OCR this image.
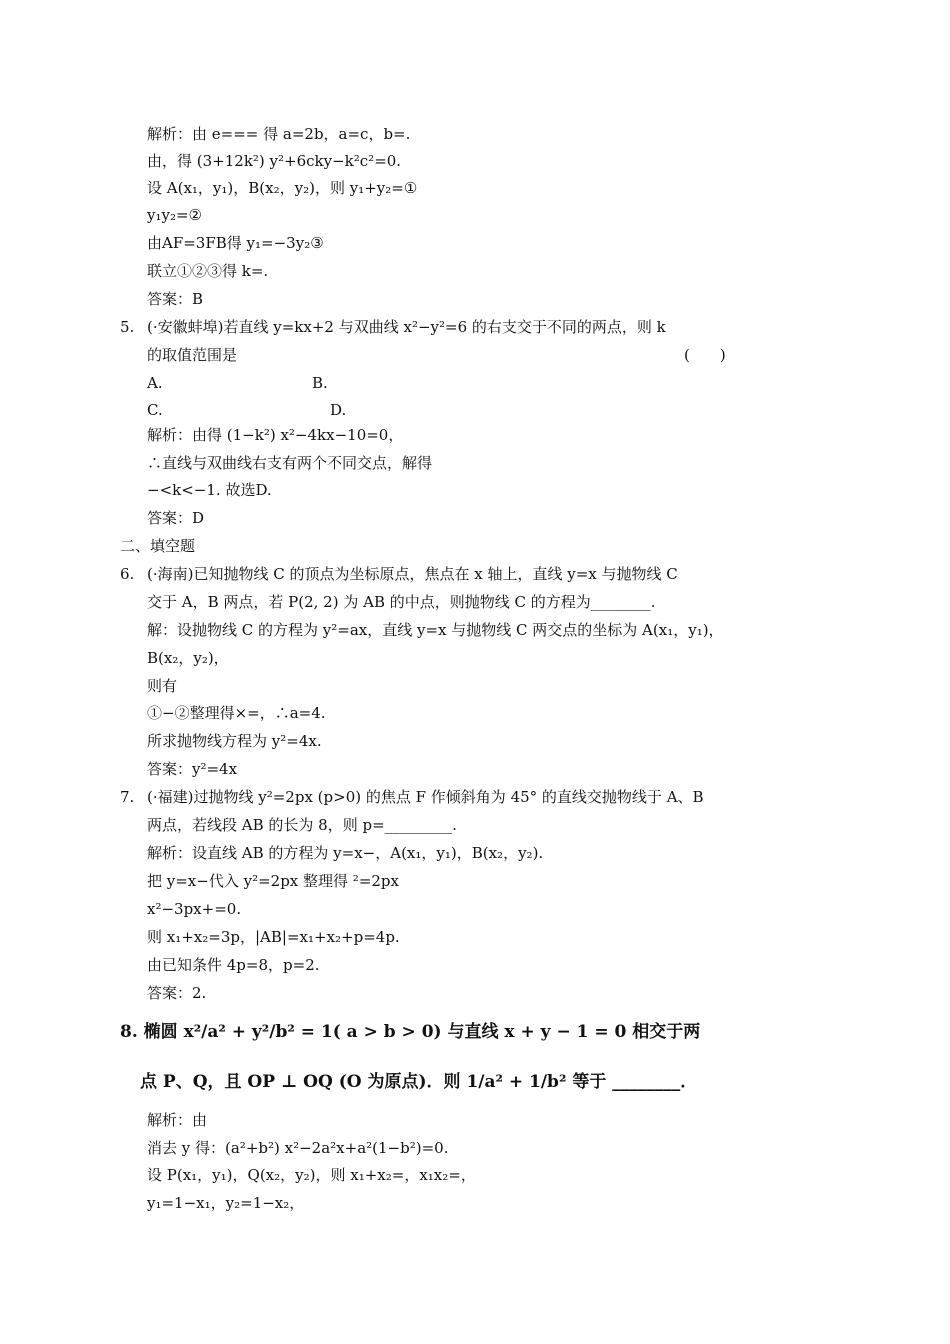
解析：由 e=== 得 a=2b，a=c，b=.
由，得 (3+12k²) y²+6cky−k²c²=0.
设 A(x₁，y₁)，B(x₂，y₂)，则 y₁+y₂=①
y₁y₂=②
由AF=3FB得 y₁=−3y₂③
联立①②③得 k=.
答案：B
5. (·安徽蚌埠)若直线 y=kx+2 与双曲线 x²−y²=6 的右支交于不同的两点，则 k
的取值范围是	(　　)
A.	B.
C.	D.
解析：由得 (1−k²) x²−4kx−10=0，
∴直线与双曲线右支有两个不同交点，解得
−<k<−1. 故选D.
答案：D
二、填空题
6. (·海南)已知抛物线 C 的顶点为坐标原点，焦点在 x 轴上，直线 y=x 与抛物线 C
交于 A，B 两点，若 P(2, 2) 为 AB 的中点，则抛物线 C 的方程为________.
解：设抛物线 C 的方程为 y²=ax，直线 y=x 与抛物线 C 两交点的坐标为 A(x₁，y₁)，
B(x₂，y₂)，
则有
①−②整理得×=，∴a=4.
所求抛物线方程为 y²=4x.
答案：y²=4x
7. (·福建)过抛物线 y²=2px (p>0) 的焦点 F 作倾斜角为 45° 的直线交抛物线于 A、B
两点，若线段 AB 的长为 8，则 p=_________.
解析：设直线 AB 的方程为 y=x−，A(x₁，y₁)，B(x₂，y₂).
把 y=x−代入 y²=2px 整理得 ²=2px
x²−3px+=0.
则 x₁+x₂=3p，|AB|=x₁+x₂+p=4p.
由已知条件 4p=8，p=2.
答案：2.
8. 椭圆 x²/a² + y²/b² = 1( a > b > 0) 与直线 x + y − 1 = 0 相交于两
点 P、Q，且 OP ⊥ OQ (O 为原点)．则 1/a² + 1/b² 等于 ________．
解析：由
消去 y 得：(a²+b²) x²−2a²x+a²(1−b²)=0.
设 P(x₁，y₁)，Q(x₂，y₂)，则 x₁+x₂=，x₁x₂=，
y₁=1−x₁，y₂=1−x₂，
